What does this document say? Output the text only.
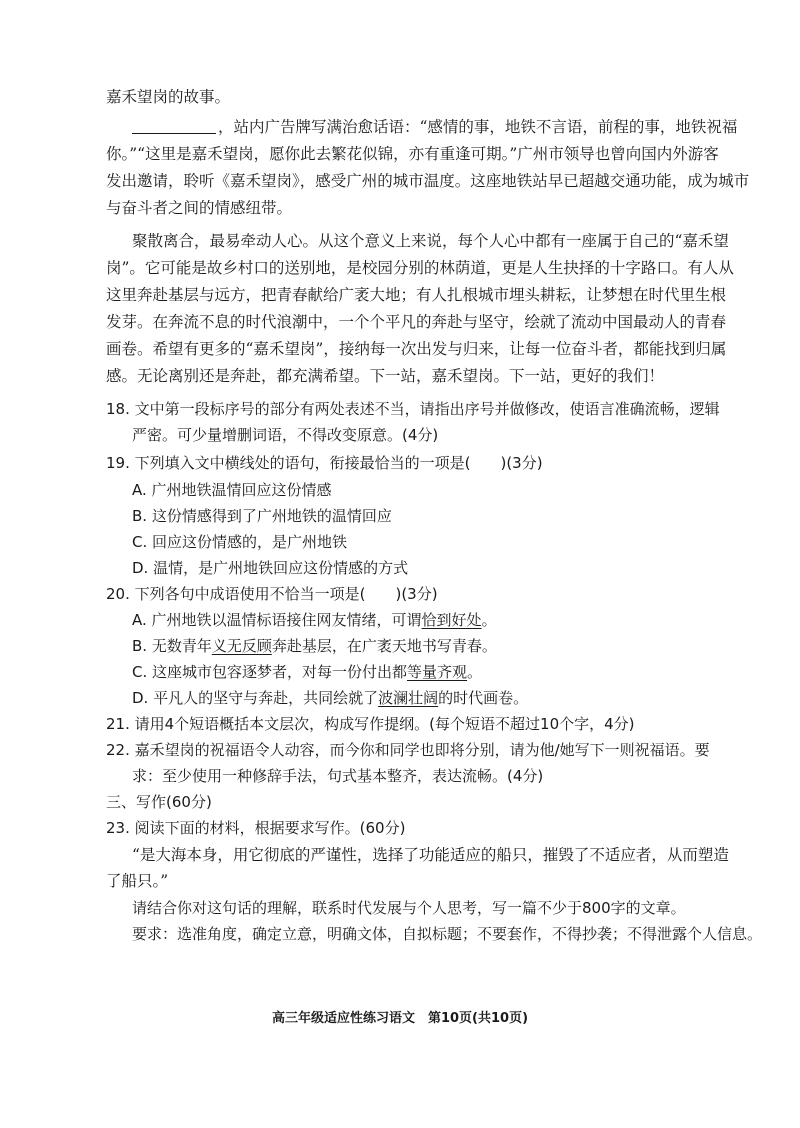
嘉禾望岗的故事。
，站内广告牌写满治愈话语：“感情的事，地铁不言语，前程的事，地铁祝福
你。”“这里是嘉禾望岗，愿你此去繁花似锦，亦有重逢可期。”广州市领导也曾向国内外游客
发出邀请，聆听《嘉禾望岗》，感受广州的城市温度。这座地铁站早已超越交通功能，成为城市
与奋斗者之间的情感纽带。
聚散离合，最易牵动人心。从这个意义上来说，每个人心中都有一座属于自己的“嘉禾望
岗”。它可能是故乡村口的送别地，是校园分别的林荫道，更是人生抉择的十字路口。有人从
这里奔赴基层与远方，把青春献给广袤大地；有人扎根城市埋头耕耘，让梦想在时代里生根
发芽。在奔流不息的时代浪潮中，一个个平凡的奔赴与坚守，绘就了流动中国最动人的青春
画卷。希望有更多的“嘉禾望岗”，接纳每一次出发与归来，让每一位奋斗者，都能找到归属
感。无论离别还是奔赴，都充满希望。下一站，嘉禾望岗。下一站，更好的我们！
18. 文中第一段标序号的部分有两处表述不当，请指出序号并做修改，使语言准确流畅，逻辑
严密。可少量增删词语，不得改变原意。(4分)
19. 下列填入文中横线处的语句，衔接最恰当的一项是(　　)(3分)
A. 广州地铁温情回应这份情感
B. 这份情感得到了广州地铁的温情回应
C. 回应这份情感的，是广州地铁
D. 温情，是广州地铁回应这份情感的方式
20. 下列各句中成语使用不恰当一项是(　　)(3分)
A. 广州地铁以温情标语接住网友情绪，可谓恰到好处。
B. 无数青年义无反顾奔赴基层，在广袤天地书写青春。
C. 这座城市包容逐梦者，对每一份付出都等量齐观。
D. 平凡人的坚守与奔赴，共同绘就了波澜壮阔的时代画卷。
21. 请用4个短语概括本文层次，构成写作提纲。(每个短语不超过10个字，4分)
22. 嘉禾望岗的祝福语令人动容，而今你和同学也即将分别，请为他/她写下一则祝福语。要
求：至少使用一种修辞手法，句式基本整齐，表达流畅。(4分)
三、写作(60分)
23. 阅读下面的材料，根据要求写作。(60分)
“是大海本身，用它彻底的严谨性，选择了功能适应的船只，摧毁了不适应者，从而塑造
了船只。”
请结合你对这句话的理解，联系时代发展与个人思考，写一篇不少于800字的文章。
要求：选准角度，确定立意，明确文体，自拟标题；不要套作，不得抄袭；不得泄露个人信息。
高三年级适应性练习语文　第10页(共10页)
